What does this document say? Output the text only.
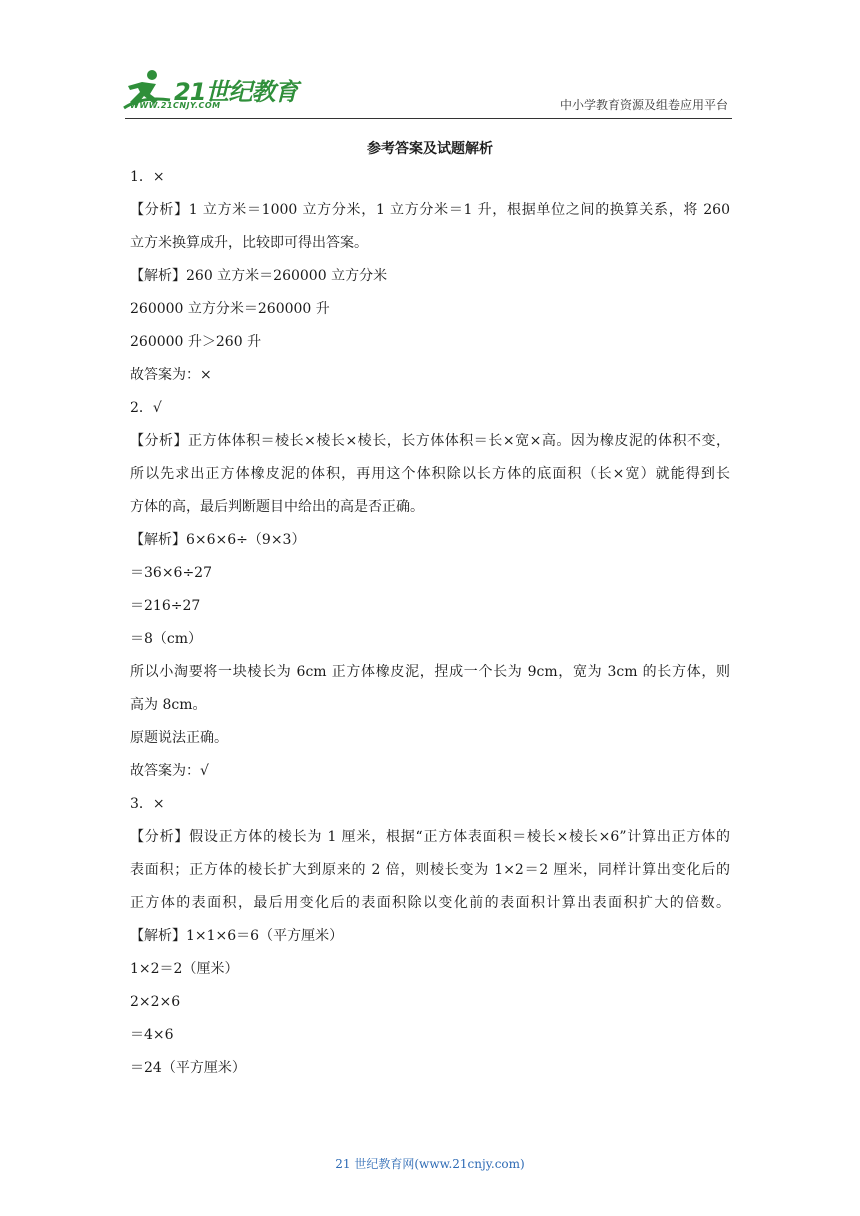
21世纪教育
WWW.21CNJY.COM	中小学教育资源及组卷应用平台
参考答案及试题解析
1．×
【分析】1 立方米＝1000 立方分米，1 立方分米＝1 升，根据单位之间的换算关系，将 260
立方米换算成升，比较即可得出答案。
【解析】260 立方米＝260000 立方分米
260000 立方分米＝260000 升
260000 升＞260 升
故答案为：×
2．√
【分析】正方体体积＝棱长×棱长×棱长，长方体体积＝长×宽×高。因为橡皮泥的体积不变，
所以先求出正方体橡皮泥的体积，再用这个体积除以长方体的底面积（长×宽）就能得到长
方体的高，最后判断题目中给出的高是否正确。
【解析】6×6×6÷（9×3）
＝36×6÷27
＝216÷27
＝8（cm）
所以小淘要将一块棱长为 6cm 正方体橡皮泥，捏成一个长为 9cm，宽为 3cm 的长方体，则
高为 8cm。
原题说法正确。
故答案为：√
3．×
【分析】假设正方体的棱长为 1 厘米，根据“正方体表面积＝棱长×棱长×6”计算出正方体的
表面积；正方体的棱长扩大到原来的 2 倍，则棱长变为 1×2＝2 厘米，同样计算出变化后的
正方体的表面积，最后用变化后的表面积除以变化前的表面积计算出表面积扩大的倍数。
【解析】1×1×6＝6（平方厘米）
1×2＝2（厘米）
2×2×6
＝4×6
＝24（平方厘米）
21 世纪教育网(www.21cnjy.com)
